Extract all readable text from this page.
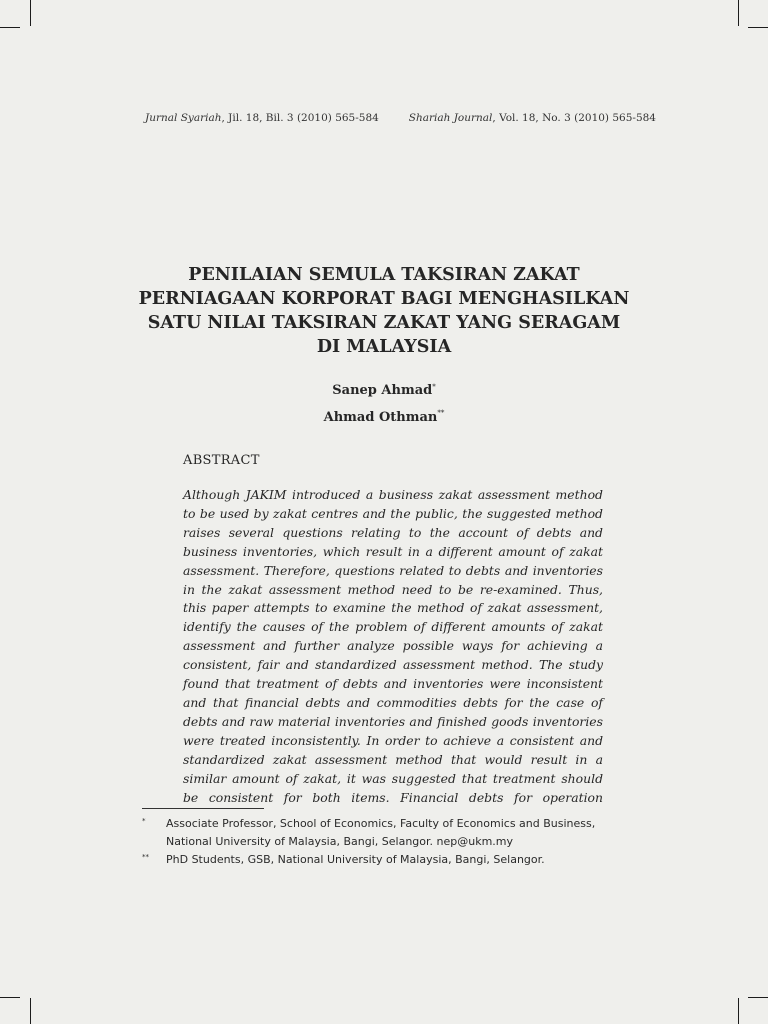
Jurnal Syariah, Jil. 18, Bil. 3 (2010) 565-584	Shariah Journal, Vol. 18, No. 3 (2010) 565-584
PENILAIAN SEMULA TAKSIRAN ZAKAT
PERNIAGAAN KORPORAT BAGI MENGHASILKAN
SATU NILAI TAKSIRAN ZAKAT YANG SERAGAM
DI MALAYSIA
Sanep Ahmad*
Ahmad Othman**
ABSTRACT
Although JAKIM introduced a business zakat assessment method
to be used by zakat centres and the public, the suggested method
raises several questions relating to the account of debts and
business inventories, which result in a different amount of zakat
assessment. Therefore, questions related to debts and inventories
in the zakat assessment method need to be re-examined. Thus,
this paper attempts to examine the method of zakat assessment,
identify the causes of the problem of different amounts of zakat
assessment and further analyze possible ways for achieving a
consistent, fair and standardized assessment method. The study
found that treatment of debts and inventories were inconsistent
and that financial debts and commodities debts for the case of
debts and raw material inventories and finished goods inventories
were treated inconsistently. In order to achieve a consistent and
standardized zakat assessment method that would result in a
similar amount of zakat, it was suggested that treatment should
be consistent for both items. Financial debts for operation
*	Associate Professor, School of Economics, Faculty of Economics and Business,
National University of Malaysia, Bangi, Selangor. nep@ukm.my
**	PhD Students, GSB, National University of Malaysia, Bangi, Selangor.
